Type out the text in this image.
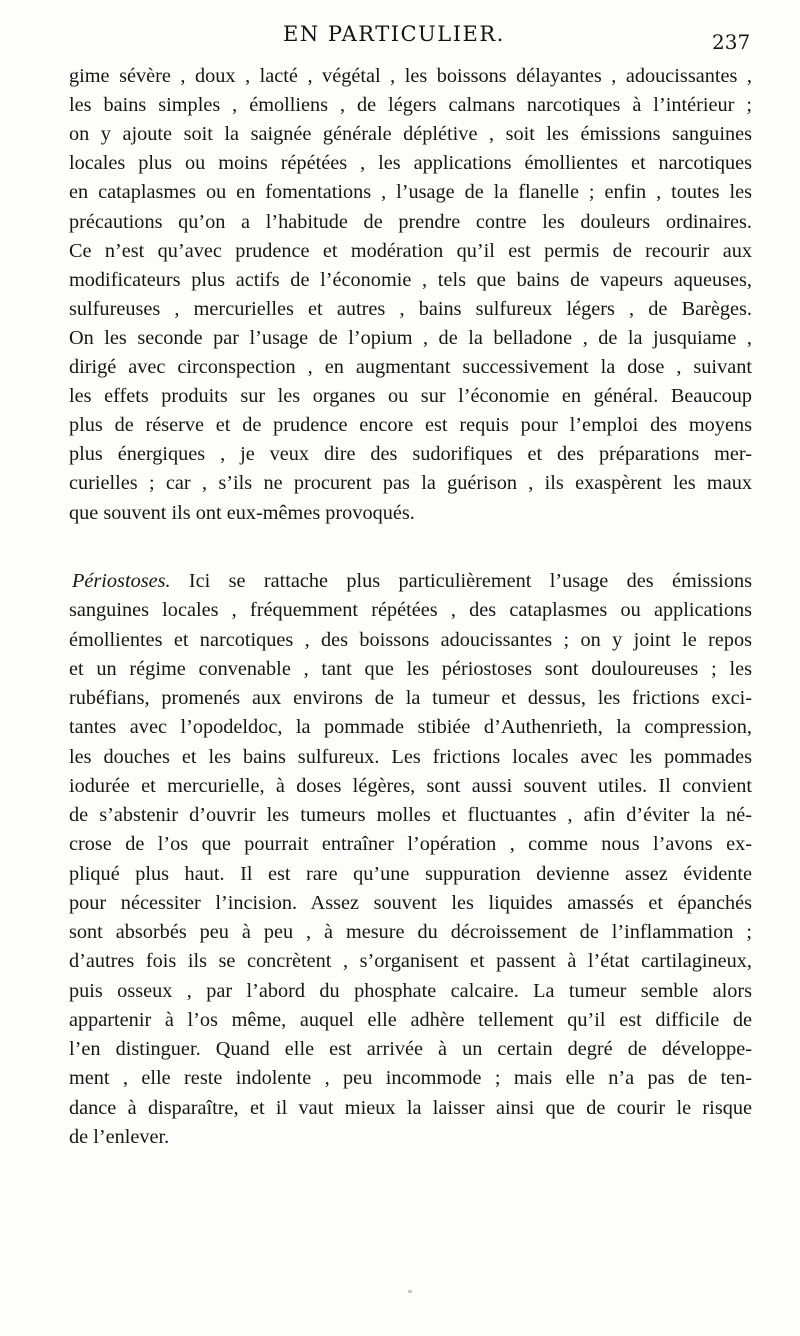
EN PARTICULIER.	237

gime sévère , doux , lacté , végétal , les boissons délayantes , adoucissantes ,

les bains simples , émolliens , de légers calmans narcotiques à l’intérieur ;

on y ajoute soit la saignée générale déplétive , soit les émissions sanguines

locales plus ou moins répétées , les applications émollientes et narcotiques

en cataplasmes ou en fomentations , l’usage de la flanelle ; enfin , toutes les

précautions qu’on a l’habitude de prendre contre les douleurs ordinaires.

Ce n’est qu’avec prudence et modération qu’il est permis de recourir aux

modificateurs plus actifs de l’économie , tels que bains de vapeurs aqueuses,

sulfureuses , mercurielles et autres , bains sulfureux légers , de Barèges.

On les seconde par l’usage de l’opium , de la belladone , de la jusquiame ,

dirigé avec circonspection , en augmentant successivement la dose , suivant

les effets produits sur les organes ou sur l’économie en général. Beaucoup

plus de réserve et de prudence encore est requis pour l’emploi des moyens

plus énergiques , je veux dire des sudorifiques et des préparations mer-

curielles ; car , s’ils ne procurent pas la guérison , ils exaspèrent les maux

que souvent ils ont eux-mêmes provoqués.

Périostoses. Ici se rattache plus particulièrement l’usage des émissions

sanguines locales , fréquemment répétées , des cataplasmes ou applications

émollientes et narcotiques , des boissons adoucissantes ; on y joint le repos

et un régime convenable , tant que les périostoses sont douloureuses ; les

rubéfians, promenés aux environs de la tumeur et dessus, les frictions exci-

tantes avec l’opodeldoc, la pommade stibiée d’Authenrieth, la compression,

les douches et les bains sulfureux. Les frictions locales avec les pommades

iodurée et mercurielle, à doses légères, sont aussi souvent utiles. Il convient

de s’abstenir d’ouvrir les tumeurs molles et fluctuantes , afin d’éviter la né-

crose de l’os que pourrait entraîner l’opération , comme nous l’avons ex-

pliqué plus haut. Il est rare qu’une suppuration devienne assez évidente

pour nécessiter l’incision. Assez souvent les liquides amassés et épanchés

sont absorbés peu à peu , à mesure du décroissement de l’inflammation ;

d’autres fois ils se concrètent , s’organisent et passent à l’état cartilagineux,

puis osseux , par l’abord du phosphate calcaire. La tumeur semble alors

appartenir à l’os même, auquel elle adhère tellement qu’il est difficile de

l’en distinguer. Quand elle est arrivée à un certain degré de développe-

ment , elle reste indolente , peu incommode ; mais elle n’a pas de ten-

dance à disparaître, et il vaut mieux la laisser ainsi que de courir le risque

de l’enlever.
